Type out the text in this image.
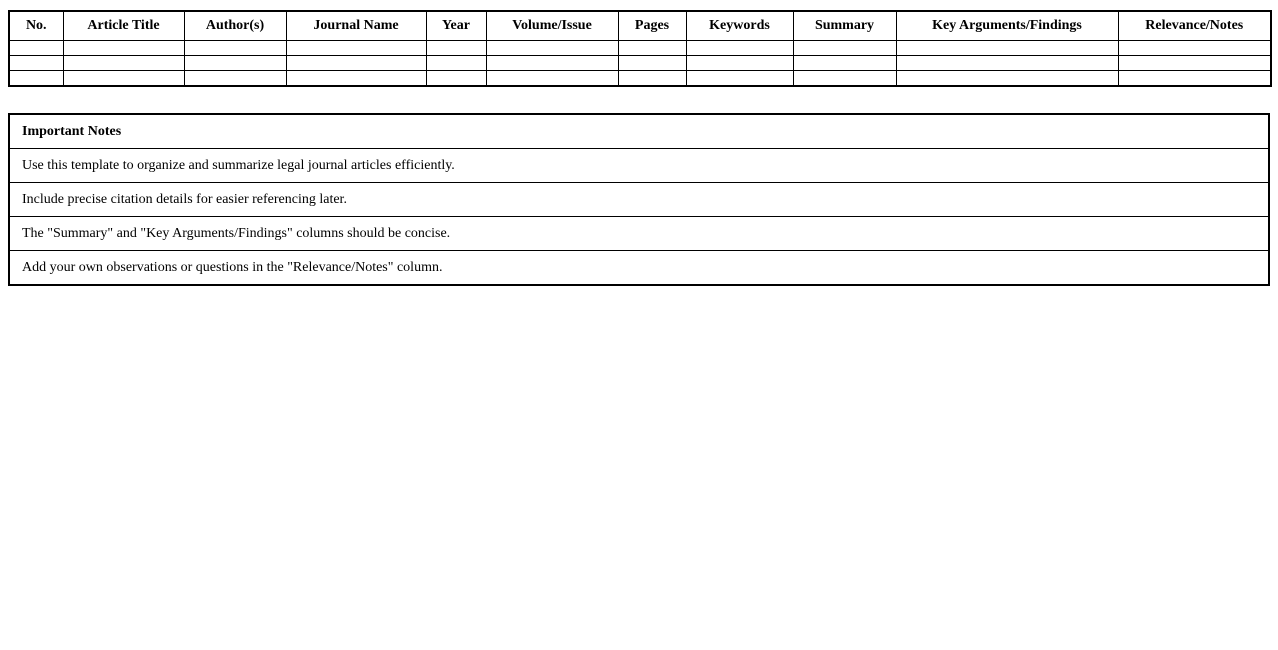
No.	Article Title	Author(s)	Journal Name	Year	Volume/Issue	Pages	Keywords	Summary	Key Arguments/Findings	Relevance/Notes

Important Notes
Use this template to organize and summarize legal journal articles efficiently.
Include precise citation details for easier referencing later.
The "Summary" and "Key Arguments/Findings" columns should be concise.
Add your own observations or questions in the "Relevance/Notes" column.
